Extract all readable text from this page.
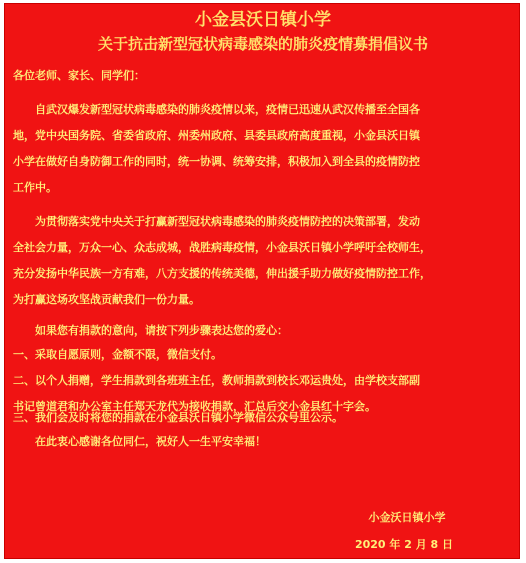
小金县沃日镇小学
关于抗击新型冠状病毒感染的肺炎疫情募捐倡议书
各位老师、家长、同学们：
自武汉爆发新型冠状病毒感染的肺炎疫情以来，疫情已迅速从武汉传播至全国各
地，党中央国务院、省委省政府、州委州政府、县委县政府高度重视，小金县沃日镇
小学在做好自身防御工作的同时，统一协调、统筹安排，积极加入到全县的疫情防控
工作中。
为贯彻落实党中央关于打赢新型冠状病毒感染的肺炎疫情防控的决策部署，发动
全社会力量，万众一心、众志成城，战胜病毒疫情，小金县沃日镇小学呼吁全校师生，
充分发扬中华民族一方有难，八方支援的传统美德，伸出援手助力做好疫情防控工作，
为打赢这场攻坚战贡献我们一份力量。
如果您有捐款的意向，请按下列步骤表达您的爱心：
一、采取自愿原则，金额不限，微信支付。
二、以个人捐赠，学生捐款到各班班主任，教师捐款到校长邓运贵处，由学校支部副
书记曾道君和办公室主任郑天龙代为接收捐款，汇总后交小金县红十字会。
三、我们会及时将您的捐款在小金县沃日镇小学微信公众号里公示。
在此衷心感谢各位同仁，祝好人一生平安幸福！
小金沃日镇小学
2020 年 2 月 8 日
